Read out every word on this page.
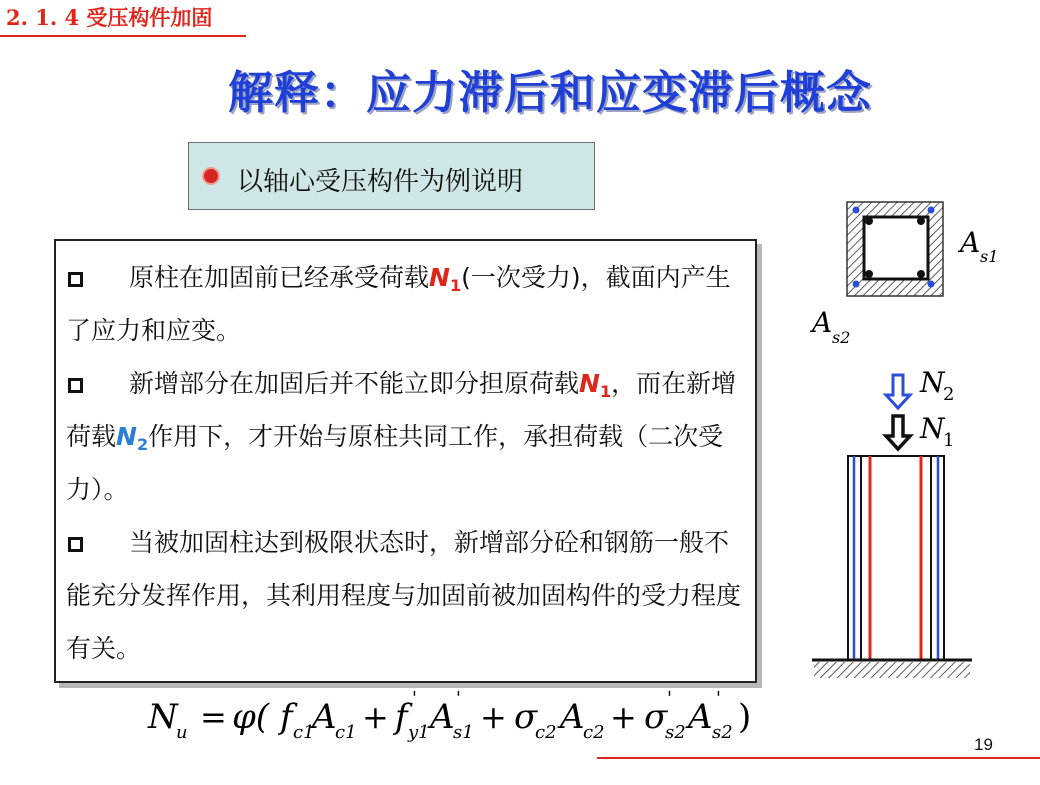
2. 1. 4 受压构件加固
解释：应力滞后和应变滞后概念
以轴心受压构件为例说明

原柱在加固前已经承受荷载$N_1$(一次受力)，截面内产生了应力和应变。

新增部分在加固后并不能立即分担原荷载$N_1$，而在新增荷载$N_2$作用下，才开始与原柱共同工作，承担荷载（二次受力）。

当被加固柱达到极限状态时，新增部分砼和钢筋一般不能充分发挥作用，其利用程度与加固前被加固构件的受力程度有关。

N
u = φ( f c1
A
c1 + f '
y1 A '
s1 + σ
c2 A
c2 + σ '
s2 A '
s2 )
A s1
A s2
N
2
N
1
19
